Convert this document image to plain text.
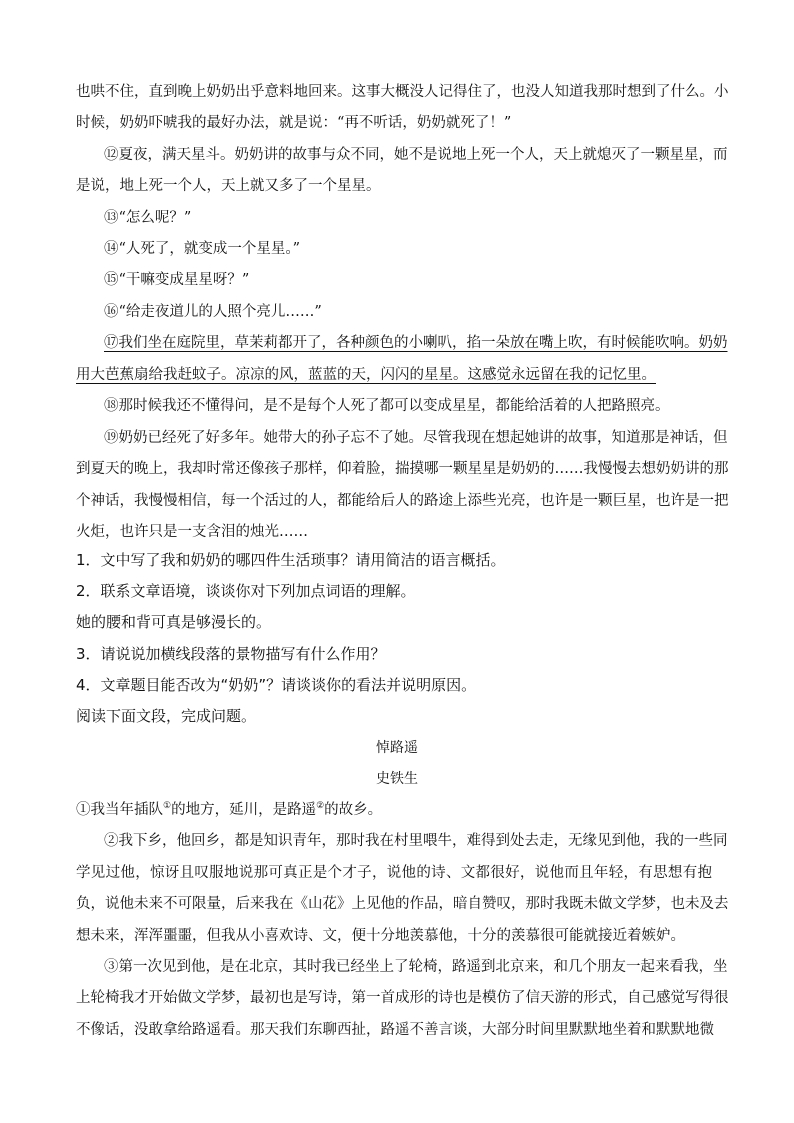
也哄不住，直到晚上奶奶出乎意料地回来。这事大概没人记得住了，也没人知道我那时想到了什么。小
时候，奶奶吓唬我的最好办法，就是说：“再不听话，奶奶就死了！”
⑫夏夜，满天星斗。奶奶讲的故事与众不同，她不是说地上死一个人，天上就熄灭了一颗星星，而
是说，地上死一个人，天上就又多了一个星星。
⑬“怎么呢？”
⑭“人死了，就变成一个星星。”
⑮“干嘛变成星星呀？”
⑯“给走夜道儿的人照个亮儿……”
⑰我们坐在庭院里，草茉莉都开了，各种颜色的小喇叭，掐一朵放在嘴上吹，有时候能吹响。奶奶
用大芭蕉扇给我赶蚊子。凉凉的风，蓝蓝的天，闪闪的星星。这感觉永远留在我的记忆里。
⑱那时候我还不懂得问，是不是每个人死了都可以变成星星，都能给活着的人把路照亮。
⑲奶奶已经死了好多年。她带大的孙子忘不了她。尽管我现在想起她讲的故事，知道那是神话，但
到夏天的晚上，我却时常还像孩子那样，仰着脸，揣摸哪一颗星星是奶奶的……我慢慢去想奶奶讲的那
个神话，我慢慢相信，每一个活过的人，都能给后人的路途上添些光亮，也许是一颗巨星，也许是一把
火炬，也许只是一支含泪的烛光……
1．文中写了我和奶奶的哪四件生活琐事？请用简洁的语言概括。
2．联系文章语境，谈谈你对下列加点词语的理解。
她的腰和背可真是够漫长的。
3．请说说加横线段落的景物描写有什么作用？
4．文章题目能否改为“奶奶”？请谈谈你的看法并说明原因。
阅读下面文段，完成问题。
悼路遥
史铁生
①我当年插队①的地方，延川，是路遥②的故乡。
②我下乡，他回乡，都是知识青年，那时我在村里喂牛，难得到处去走，无缘见到他，我的一些同
学见过他，惊讶且叹服地说那可真正是个才子，说他的诗、文都很好，说他而且年轻，有思想有抱
负，说他未来不可限量，后来我在《山花》上见他的作品，暗自赞叹，那时我既未做文学梦，也未及去
想未来，浑浑噩噩，但我从小喜欢诗、文，便十分地羡慕他，十分的羡慕很可能就接近着嫉妒。
③第一次见到他，是在北京，其时我已经坐上了轮椅，路遥到北京来，和几个朋友一起来看我，坐
上轮椅我才开始做文学梦，最初也是写诗，第一首成形的诗也是模仿了信天游的形式，自己感觉写得很
不像话，没敢拿给路遥看。那天我们东聊西扯，路遥不善言谈，大部分时间里默默地坐着和默默地微
